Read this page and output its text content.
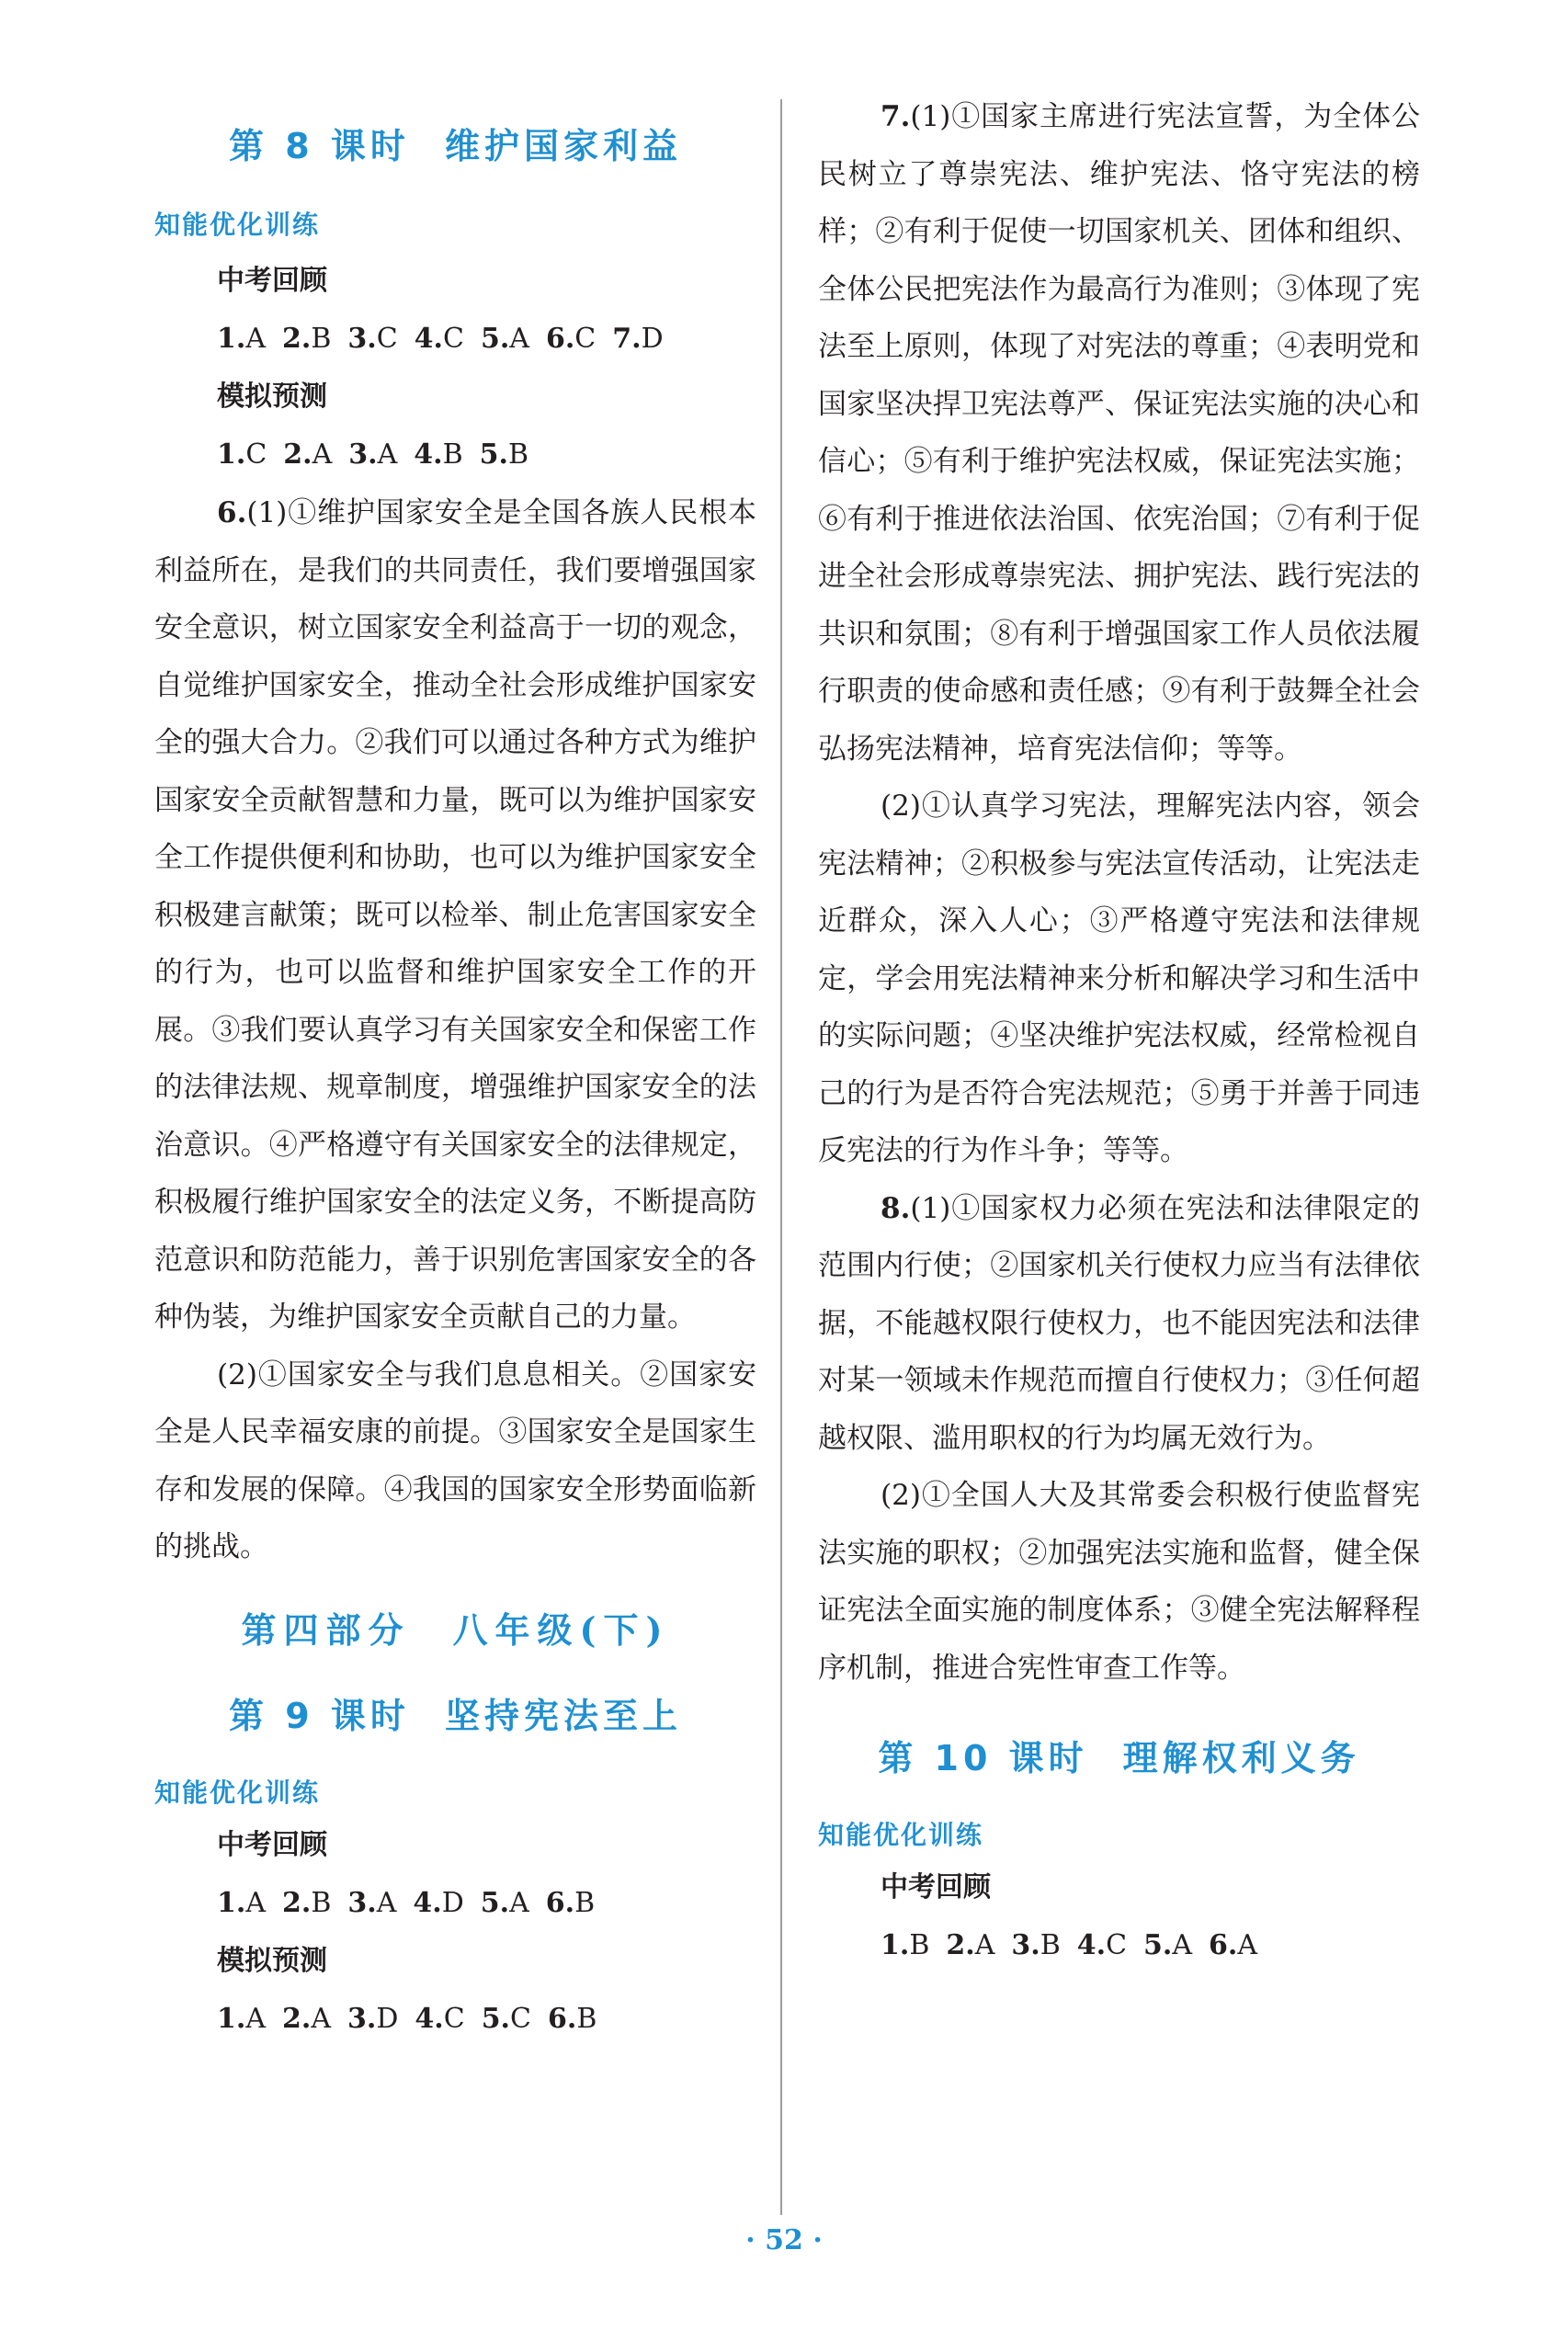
第 8 课时 维护国家利益

知能优化训练

中考回顾

1.A 2.B 3.C 4.C 5.A 6.C 7.D

模拟预测

1.C 2.A 3.A 4.B 5.B

6.(1)①维护国家安全是全国各族人民根本利益所在，是我们的共同责任，我们要增强国家安全意识，树立国家安全利益高于一切的观念，自觉维护国家安全，推动全社会形成维护国家安全的强大合力。②我们可以通过各种方式为维护国家安全贡献智慧和力量，既可以为维护国家安全工作提供便利和协助，也可以为维护国家安全积极建言献策；既可以检举、制止危害国家安全的行为，也可以监督和维护国家安全工作的开展。③我们要认真学习有关国家安全和保密工作的法律法规、规章制度，增强维护国家安全的法治意识。④严格遵守有关国家安全的法律规定，积极履行维护国家安全的法定义务，不断提高防范意识和防范能力，善于识别危害国家安全的各种伪装，为维护国家安全贡献自己的力量。

(2)①国家安全与我们息息相关。②国家安全是人民幸福安康的前提。③国家安全是国家生存和发展的保障。④我国的国家安全形势面临新的挑战。

第四部分　八年级(下)
第 9 课时 坚持宪法至上

知能优化训练

中考回顾

1.A 2.B 3.A 4.D 5.A 6.B

模拟预测

1.A 2.A 3.D 4.C 5.C 6.B

7.(1)①国家主席进行宪法宣誓，为全体公民树立了尊崇宪法、维护宪法、恪守宪法的榜样；②有利于促使一切国家机关、团体和组织、全体公民把宪法作为最高行为准则；③体现了宪法至上原则，体现了对宪法的尊重；④表明党和国家坚决捍卫宪法尊严、保证宪法实施的决心和信心；⑤有利于维护宪法权威，保证宪法实施；⑥有利于推进依法治国、依宪治国；⑦有利于促进全社会形成尊崇宪法、拥护宪法、践行宪法的共识和氛围；⑧有利于增强国家工作人员依法履行职责的使命感和责任感；⑨有利于鼓舞全社会弘扬宪法精神，培育宪法信仰；等等。

(2)①认真学习宪法，理解宪法内容，领会宪法精神；②积极参与宪法宣传活动，让宪法走近群众，深入人心；③严格遵守宪法和法律规定，学会用宪法精神来分析和解决学习和生活中的实际问题；④坚决维护宪法权威，经常检视自己的行为是否符合宪法规范；⑤勇于并善于同违反宪法的行为作斗争；等等。

8.(1)①国家权力必须在宪法和法律限定的范围内行使；②国家机关行使权力应当有法律依据，不能越权限行使权力，也不能因宪法和法律对某一领域未作规范而擅自行使权力；③任何超越权限、滥用职权的行为均属无效行为。

(2)①全国人大及其常委会积极行使监督宪法实施的职权；②加强宪法实施和监督，健全保证宪法全面实施的制度体系；③健全宪法解释程序机制，推进合宪性审查工作等。

第 10 课时 理解权利义务

知能优化训练

中考回顾

1.B 2.A 3.B 4.C 5.A 6.A

· 52 ·
